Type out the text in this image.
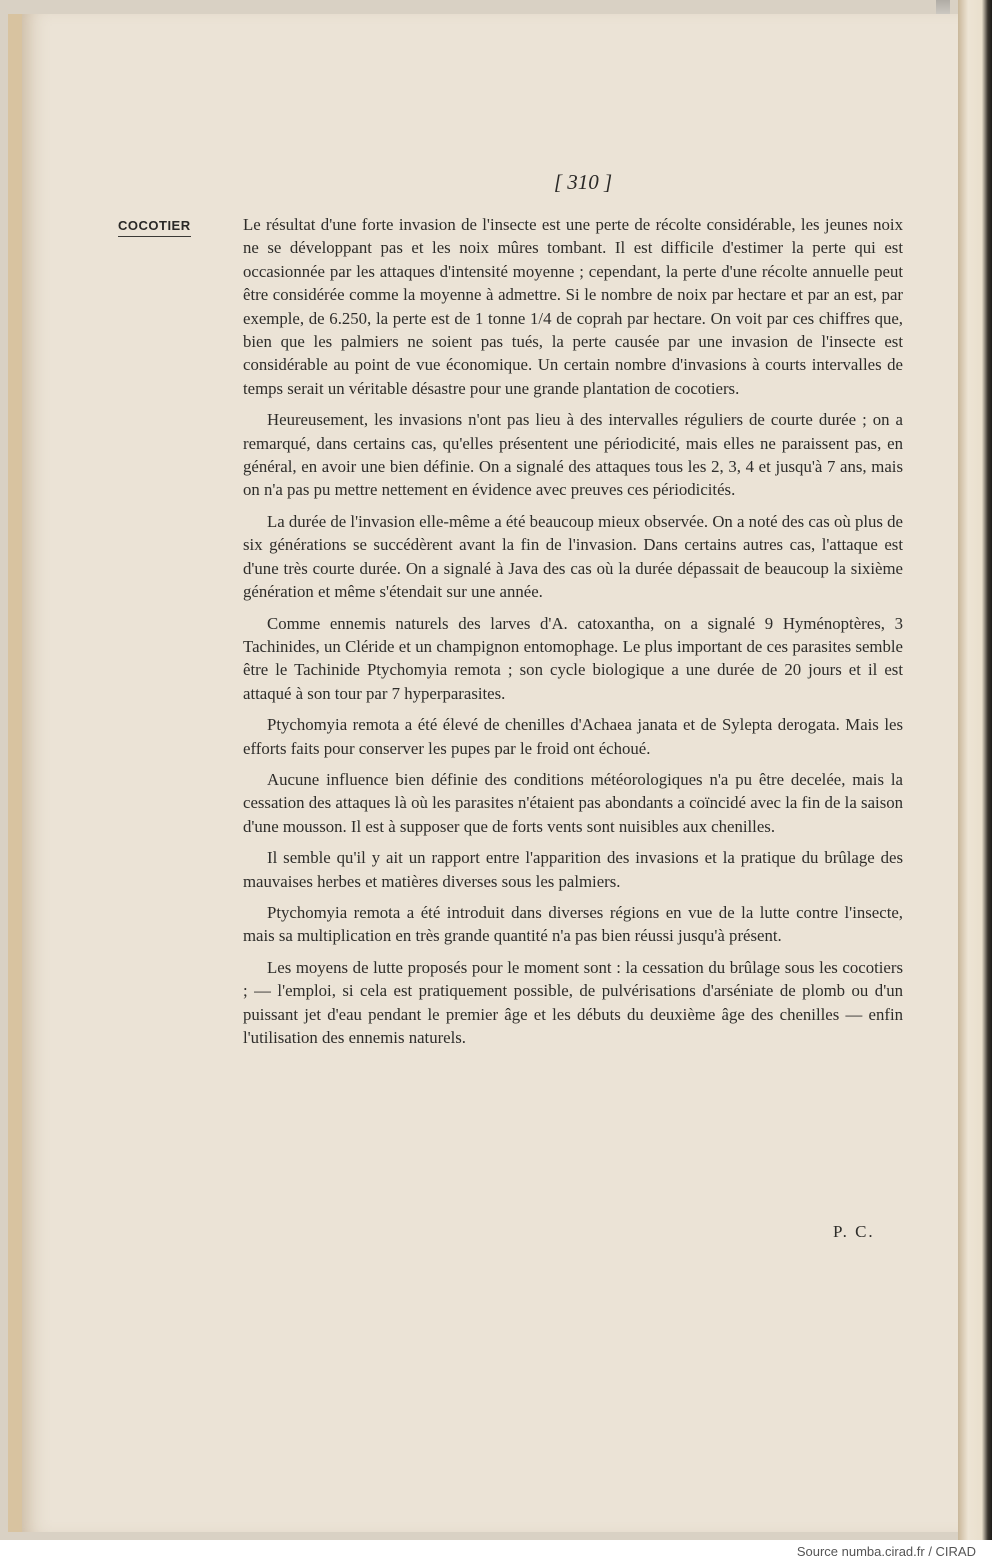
[ 310 ]
COCOTIER	Le résultat d'une forte invasion de l'insecte est une perte de récolte considérable, les jeunes noix ne se développant pas et les noix mûres tombant. Il est difficile d'estimer la perte qui est occasionnée par les attaques d'intensité moyenne ; cependant, la perte d'une récolte annuelle peut être considérée comme la moyenne à admettre. Si le nombre de noix par hectare et par an est, par exemple, de 6.250, la perte est de 1 tonne 1/4 de coprah par hectare. On voit par ces chiffres que, bien que les palmiers ne soient pas tués, la perte causée par une invasion de l'insecte est considérable au point de vue économique. Un certain nombre d'invasions à courts intervalles de temps serait un véritable désastre pour une grande plantation de cocotiers.

Heureusement, les invasions n'ont pas lieu à des intervalles réguliers de courte durée ; on a remarqué, dans certains cas, qu'elles présentent une périodicité, mais elles ne paraissent pas, en général, en avoir une bien définie. On a signalé des attaques tous les 2, 3, 4 et jusqu'à 7 ans, mais on n'a pas pu mettre nettement en évidence avec preuves ces périodicités.

La durée de l'invasion elle-même a été beaucoup mieux observée. On a noté des cas où plus de six générations se succédèrent avant la fin de l'invasion. Dans certains autres cas, l'attaque est d'une très courte durée. On a signalé à Java des cas où la durée dépassait de beaucoup la sixième génération et même s'étendait sur une année.

Comme ennemis naturels des larves d'A. catoxantha, on a signalé 9 Hyménoptères, 3 Tachinides, un Cléride et un champignon entomophage. Le plus important de ces parasites semble être le Tachinide Ptychomyia remota ; son cycle biologique a une durée de 20 jours et il est attaqué à son tour par 7 hyperparasites.

Ptychomyia remota a été élevé de chenilles d'Achaea janata et de Sylepta derogata. Mais les efforts faits pour conserver les pupes par le froid ont échoué.

Aucune influence bien définie des conditions météorologiques n'a pu être decelée, mais la cessation des attaques là où les parasites n'étaient pas abondants a coïncidé avec la fin de la saison d'une mousson. Il est à supposer que de forts vents sont nuisibles aux chenilles.

Il semble qu'il y ait un rapport entre l'apparition des invasions et la pratique du brûlage des mauvaises herbes et matières diverses sous les palmiers.

Ptychomyia remota a été introduit dans diverses régions en vue de la lutte contre l'insecte, mais sa multiplication en très grande quantité n'a pas bien réussi jusqu'à présent.

Les moyens de lutte proposés pour le moment sont : la cessation du brûlage sous les cocotiers ; — l'emploi, si cela est pratiquement possible, de pulvérisations d'arséniate de plomb ou d'un puissant jet d'eau pendant le premier âge et les débuts du deuxième âge des chenilles — enfin l'utilisation des ennemis naturels.

P. C.
Source numba.cirad.fr / CIRAD
